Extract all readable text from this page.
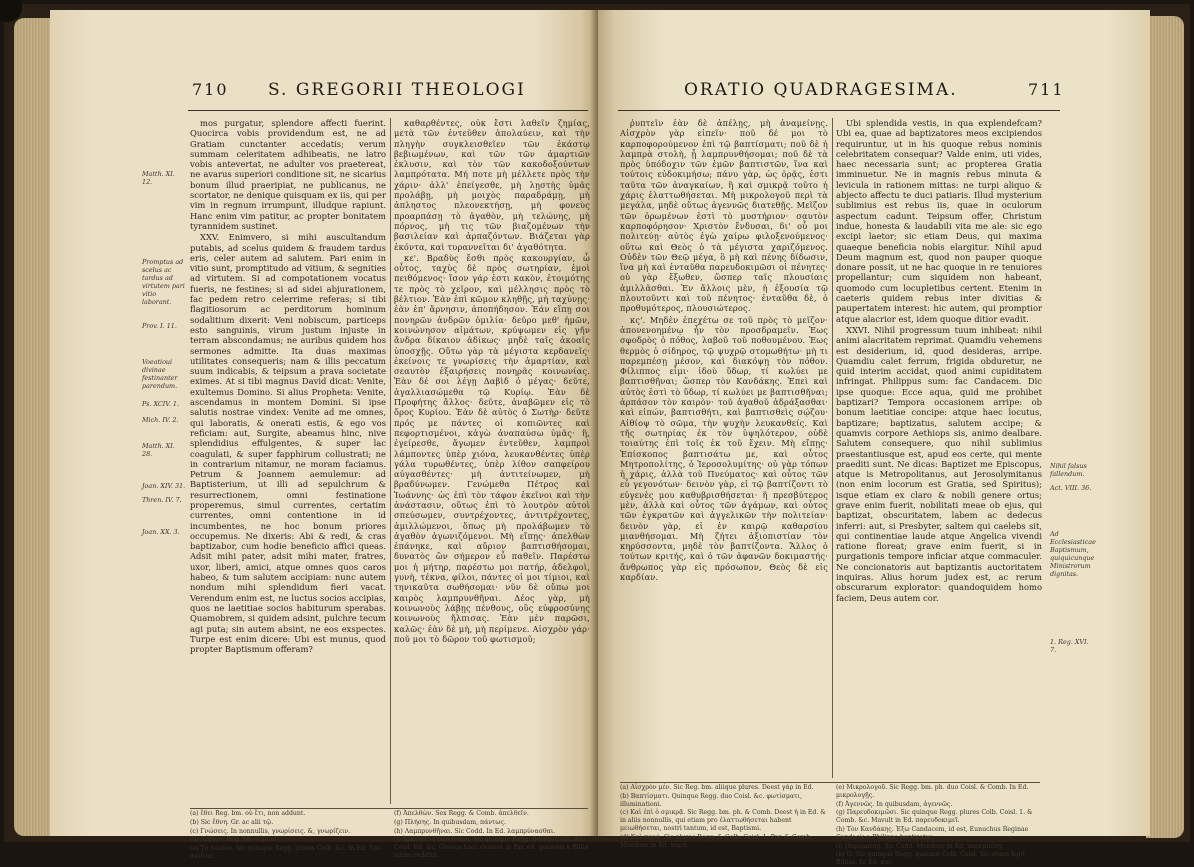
710 S. GREGORII THEOLOGI

mos purgatur, splendore affecti fuerint. Quocirca vobis providendum est, ne ad Gratiam cunctanter accedatis; verum summam celeritatem adhibeatis, ne latro vobis antevertat, ne adulter vos praetereat, ne avarus superiori conditione sit, ne sicarius bonum illud praeripiat, ne publicanus, ne scortator, ne denique quisquam ex iis, qui per vim in regnum irrumpunt, illudque rapiunt. Hanc enim vim patitur, ac propter bonitatem tyrannidem sustinet.

XXV. Enimvero, si mihi auscultandum putabis, ad scelus quidem & fraudem tardus eris, celer autem ad salutem. Pari enim in vitio sunt, promptitudo ad vitium, & segnities ad virtutem. Si ad compotationem vocatus fueris, ne festines; si ad sidei abjurationem, fac pedem retro celerrime referas; si tibi flagitiosorum ac perditorum hominum sodalitium dixerit: Veni nobiscum, particeps esto sanguinis, virum justum injuste in terram abscondamus; ne auribus quidem hos sermones admitte. Ita duas maximas utilitates consequeris; nam & illis peccatum suum indicabis, & teipsum a prava societate eximes. At si tibi magnus David dicat: Venite, exultemus Domino. Si alius Propheta: Venite, ascendamus in montem Domini. Si ipse salutis nostrae vindex: Venite ad me omnes, qui laboratis, & onerati estis, & ego vos reficiam: aut, Surgite, abeamus hinc, nive splendidius effulgentes, & super lac coagulati, & super fapphirum collustrati; ne in contrarium nitamur, ne moram faciamus. Petrum & Joannem aemulemur: ad Baptisterium, ut illi ad sepulchrum & resurrectionem, omni festinatione properemus, simul currentes, certatim currentes, omni contentione in id incumbentes, ne hoc bonum priores occupemus. Ne dixeris: Abi & redi, & cras baptizabor, cum hodie beneficio affici queas. Adsit mihi pater, adsit mihi mater, fratres, uxor, liberi, amici, atque omnes quos caros habeo, & tum salutem accipiam: nunc autem nondum mihi splendidum fieri vacat. Verendum enim est, ne luctus socios accipias, quos ne laetitiae socios habiturum sperabas. Quamobrem, si quidem adsint, pulchre tecum agi puta; sin autem absint, ne eos exspectes. Turpe est enim dicere: Ubi est munus, quod propter Baptismum offeram?

καθαρθέντες, οὐκ ἔστι λαθεῖν ζημίας, μετὰ τῶν ἐντεῦθεν ἀπολαύειν, καὶ τὴν πληγὴν συγκλεισθεῖεν τῶν ἑκάστῳ βεβιωμένων, καὶ τῶν τῶν ἁμαρτιῶν ἐκλυσιν, καὶ τὸν τῶν κακοδοξούντων λαμπρότατα. Μή ποτε μὴ μέλλετε πρὸς τὴν χάριν· ἀλλ' ἐπείγεσθε, μὴ λῃστὴς ὑμᾶς προλάβῃ, μὴ μοιχὸς παραδράμῃ, μὴ ἀπληστος πλεονεκτήσῃ, μὴ φονεὺς προαρπάσῃ τὸ ἀγαθὸν, μὴ τελώνης, μὴ πόρνος, μὴ τις τῶν βιαζομένων τὴν βασιλείαν καὶ ἁρπαζόντων. Βιάζεται γὰρ ἐκόντα, καὶ τυραννεῖται δι' ἀγαθότητα.

κε'. Βραδὺς ἔσθι πρὸς κακουργίαν, ὦ οὗτος, ταχὺς δὲ πρὸς σωτηρίαν, ἐμοὶ πειθόμενος· ἴσον γάρ ἐστι κακὸν, ἑτοιμότης τε πρὸς τὸ χεῖρον, καὶ μέλλησις πρὸς τὸ βέλτιον. Ἐὰν ἐπὶ κῶμον κληθῇς, μὴ ταχύνῃς· ἐὰν ἐπ' ἄρνησιν, ἀποπήδησον. Ἐάν εἴπῃ σοι πονηρῶν ἀνδρῶν ὁμιλία· δεῦρο μεθ' ἡμῶν, κοινώνησον αἱμάτων, κρύψωμεν εἰς γῆν ἄνδρα δίκαιον ἀδίκως· μηδὲ ταῖς ἀκοαῖς ὑποσχῇς. Οὕτω γὰρ τὰ μέγιστα κερδανεῖς· ἐκείνοις τε γνωρίσεις τὴν ἁμαρτίαν, καὶ σεαυτὸν ἐξαιρήσεις πονηρᾶς κοινωνίας. Ἐὰν δέ σοι λέγῃ Δαβὶδ ὁ μέγας· δεῦτε, ἀγαλλιασώμεθα τῷ Κυρίῳ. Ἐὰν δὲ Προφήτης ἄλλος· δεῦτε, ἀναβῶμεν εἰς τὸ ὄρος Κυρίου. Ἐὰν δὲ αὐτὸς ὁ Σωτὴρ· δεῦτε πρός με πάντες οἱ κοπιῶντες καὶ πεφορτισμένοι, κἀγὼ ἀναπαύσω ὑμᾶς· ἢ, ἐγείρεσθε, ἄγωμεν ἐντεῦθεν, λαμπροὶ λάμποντες ὑπὲρ χιόνα, λευκανθέντες ὑπὲρ γάλα τυρωθέντες, ὑπὲρ λίθον σαπφείρου αὐγασθέντες· μὴ ἀντιτείνωμεν, μὴ βραδύνωμεν. Γενώμεθα Πέτρος καὶ Ἰωάννης· ὡς ἐπὶ τὸν τάφον ἐκεῖνοι καὶ τὴν ἀνάστασιν, οὕτως ἐπὶ τὸ λουτρὸν αὐτοὶ σπεύσωμεν, συντρέχοντες, ἀντιτρέχοντες, ἁμιλλώμενοι, ὅπως μὴ προλάβωμεν τὸ ἀγαθὸν ἀγωνιζόμενοι. Μὴ εἴπῃς· ἀπελθὼν ἐπάνηκε, καὶ αὔριον βαπτισθήσομαι, δυνατὸς ὢν σήμερον εὖ παθεῖν. Παρέστω μοι ἡ μήτηρ, παρέστω μοι πατήρ, ἀδελφοὶ, γυνὴ, τέκνα, φίλοι, πάντες οἱ μοι τίμιοι, καὶ τηνικαῦτα σωθήσομαι· νῦν δὲ οὔπω μοι καιρὸς λαμπρυνθῆναι. Δέος γὰρ, μὴ κοινωνοὺς λάβῃς πένθους, οὓς εὐφροσύνης κοινωνοὺς ἤλπισας. Ἐὰν μὲν παρῶσι, καλῶς· ἐὰν δὲ μὴ, μὴ περίμενε. Αἰσχρὸν γάρ· ποῦ μοι τὸ δῶρον τοῦ φωτισμοῦ;

Matth. XI. 12.
Promptus ad scelus ac tardus ad virtutem pari vitio laborant.
Prov. I. 11.
Voeatioui divinae festinanter parendum.
Ps. XCIV. 1.
Mich. IV. 2.
Matth. XI. 28.
Joan. XIV. 31.
Thren. IV. 7.
Joan. XX. 3.

(a) ἔθει Reg. bm. οὐ ἔτι, non addunt.

(b) Sic ἔθνη. Gr. ac alii τῷ.

(c) Γνώσεις. In nonnullis, γνωρίσεις. &, γνωρίζειν.

(d) Αὔριον. Reg. bh. αὔριον.

(e) Τὸ λοιπόν. Sic quinque Regg. plures Colb. &c. In Ed. Τὸν ἀνιέναι.

(f) Ἀπελθὼν. Sex Regg. & Comb. ἀπελθεῖν.

(g) Πλήσης. In quibusdam, πάντως.

(h) Λαμπρυνθῆναι. Sic Codd. In Ed. λαμπρύνασθαι.

(i) Ἀρκεσθεὶς τῶν δεῦρο. Sic quinque Regg. decem Colb. duo Coisl. Ed. &c. Graeca haec desiunt in Par. ed. quamvis e Billio latine reddita.

ORATIO QUADRAGESIMA.	711

ῥυπτεῖν ἐὰν δὲ ἀπέλῃς, μὴ ἀναμείνῃς. Αἰσχρὸν γὰρ εἰπεῖν· ποῦ δέ μοι τὸ καρποφορούμενον ἐπὶ τῷ βαπτίσματι; ποῦ δὲ ἡ λαμπρὰ στολὴ, ᾗ λαμπρυνθήσομαι; ποῦ δὲ τὰ πρὸς ὑπόδοχιν τῶν ἐμῶν βαπτιστῶν, ἵνα καὶ τούτοις εὐδοκιμήσω; πάνυ γὰρ, ὡς ὁρᾷς, ἐστι ταῦτα τῶν ἀναγκαίων, ἢ καὶ σμικρᾷ τοῦτο ἡ χάρις ἐλαττωθήσεται. Μὴ μικρολογοῦ περὶ τὰ μεγάλα, μηδὲ οὕτως ἀγεννῶς διατεθῇς. Μεῖζον τῶν ὁρωμένων ἐστὶ τὸ μυστήριον· σαυτὸν καρποφόρησον· Χριστὸν ἔνδυσαι, δι' οὗ μοι πολιτεύῃ· αὐτὸς ἐγὼ χαίρω φιλοξενούμενος· οὕτω καὶ Θεὸς ὁ τὰ μέγιστα χαριζόμενος. Οὐδὲν τῶν Θεῷ μέγα, ὃ μὴ καὶ πένης δίδωσιν, ἵνα μὴ καὶ ἐνταῦθα παρευδοκιμῶσι οἱ πένητες· οὐ γὰρ ἔξωθεν, ὥσπερ ταῖς πλουσίαις ἀμιλλᾶσθαι. Ἐν ἄλλοις μὲν, ἡ ἐξουσία τῷ πλουτοῦντι καὶ τοῦ πένητος· ἐνταῦθα δὲ, ὁ προθυμότερος, πλουσιώτερος.

κς'. Μηδὲν ἐπεχέτω σε τοῦ πρὸς τὸ μεῖζον· ἀπονενοημένῳ ἦν τὸν προσδραμεῖν. Ἐως σφοδρὸς ὁ πόθος, λαβοῦ τοῦ ποθουμένου. Ἐως θερμὸς ὁ σίδηρος, τῷ ψυχρῷ στομωθήτω· μὴ τι παρεμπέσῃ μέσον, καὶ διακόψῃ τὸν πόθον. Φίλιππος εἶμι· ἰδοὺ ὕδωρ, τί κωλύει με βαπτισθῆναι; ὥσπερ τὸν Κανδάκης. Ἐπεὶ καὶ αὐτὸς ἐστὶ τὸ ὕδωρ, τί κωλύει με βαπτισθῆναι; ἀρπάσον τὸν καιρὸν· τοῦ ἀγαθοῦ ἀδράξασθαι· καὶ εἰπών, βαπτισθήτι, καὶ βαπτισθεὶς σῴζου· Αἰθίοψ τὸ σῶμα, τὴν ψυχὴν λευκανθείς. Καὶ τῆς σωτηρίας ἐκ τὸν ὑψηλότερον, οὐδὲ τοιαύτης ἐπὶ τοῖς ἐκ τοῦ ἔχειν. Μὴ εἴπῃς· Ἐπίσκοπος βαπτισάτω με, καὶ οὗτος Μητροπολίτης, ὁ Ἱεροσολυμίτης· οὐ γὰρ τόπων ἡ χάρις, ἀλλὰ τοῦ Πνεύματος· καὶ οὗτος τῶν εὖ γεγονότων· δεινὸν γὰρ, εἰ τῷ βαπτίζοντι τὸ εὐγενὲς μου καθυβρισθήσεται· ἢ πρεσβύτερος μὲν, ἀλλὰ καὶ οὗτος τῶν ἀγάμων, καὶ οὗτος τῶν ἐγκρατῶν καὶ ἀγγελικῶν τὴν πολιτείαν· δεινὸν γὰρ, εἰ ἐν καιρῷ καθαρσίου μιανθήσομαι. Μὴ ζήτει ἀξιοπιστίαν τὸν κηρύσσοντα, μηδὲ τὸν βαπτίζοντα. Ἄλλος ὁ τούτων κριτής, καὶ ὁ τῶν ἀφανῶν δοκιμαστής· ἄνθρωπος γὰρ εἰς πρόσωπον, Θεὸς δὲ εἰς καρδίαν.

Ubi splendida vestis, in qua explendefcam? Ubi ea, quae ad baptizatores meos excipiendos requiruntur, ut in his quoque rebus nominis celebritatem consequar? Valde enim, uti vides, haec necessaria sunt; ac propterea Gratia imminuetur. Ne in magnis rebus minuta & levicula in rationem mittas: ne turpi aliquo & abjecto affectu te duci patiaris. Illud mysterium sublimius est rebus iis, quae in oculorum aspectum cadunt. Teipsum offer, Christum indue, honesta & laudabili vita me ale: sic ego excipi laetor; sic etiam Deus, qui maxima quaeque beneficia nobis elargitur. Nihil apud Deum magnum est, quod non pauper quoque donare possit, ut ne hac quoque in re tenuiores propellantur; cum siquidem non habeant, quomodo cum locupletibus certent. Etenim in caeteris quidem rebus inter divitias & paupertatem interest: hic autem, qui promptior atque alacrior est, idem quoque ditior evadit.

XXVI. Nihil progressum tuum inhibeat: nihil animi alacritatem reprimat. Quamdiu vehemens est desiderium, id, quod desideras, arripe. Quamdiu calet ferrum, frigida obduretur, ne quid interim accidat, quod animi cupiditatem infringat. Philippus sum: fac Candacem. Dic ipse quoque: Ecce aqua, quid me prohibet baptizari? Tempora occasionem arripe: ob bonum laetitiae concipe: atque haec locutus, baptizare; baptizatus, salutem accipe; & quamvis corpore Aethiops sis, animo dealbare. Salutem consequere, quo nihil sublimius praestantiusque est, apud eos certe, qui mente praediti sunt. Ne dicas: Baptizet me Episcopus, atque is Metropolitanus, aut Jerosolymitanus (non enim locorum est Gratia, sed Spiritus); isque etiam ex claro & nobili genere ortus; grave enim fuerit, nobilitati meae ob ejus, qui baptizat, obscuritatem, labem ac dedecus inferri: aut, si Presbyter, saltem qui caelebs sit, qui continentiae laude atque Angelica vivendi ratione floreat; grave enim fuerit, si in purgationis tempore inficiar atque commaculer. Ne concionatoris aut baptizantis auctoritatem inquiras. Alius horum judex est, ac rerum obscurarum explorator: quandoquidem homo faciem, Deus autem cor.

Nihil falsus fallendum.
Act. VIII. 36.
Ad Ecclesiasticae Baptismum, quiquicunque Ministrorum dignitas.
1. Reg. XVI. 7.

(a) Αἰσχρὸν μέν. Sic Reg. bm. aliique plures. Deest γὰρ in Ed.

(b) Βαπτίσματι. Quinque Regg. duo Coisl. &c. φωτίσματι, illuminationi.

(c) Καὶ ἐπὶ ὁ σμικρᾷ. Sic Regg. bm. ph. & Comb. Deest ἡ in Ed. & in aliis nonnullis, qui etiam pro ἐλαττωθήσεται habent μειωθήσεται, nostri tantum, id est, Baptismi.

(d) Καὶ παρά. Sic plures Regg. & Colb. Coisl. 1. Par. & Comb. Mendose in Ed. παρά.

(e) Μικρολογοῦ. Sic Regg. bm. ph. duo Coisl. & Comb. In Ed. μικρολογῇς.

(f) Ἀγεννῶς. In quibusdam, ἀγεννῶς.

(g) Παρευδοκιμῶσι. Sic quinque Regg. plures Colb. Coisl. 1. & Comb. &c. Mavult in Ed. παρευδοκιμεῖ.

(h) Τὸν Κανδάκης. Ἐξω Candacem, id est, Eunuchus Reginae Candacis a Philippo baptizatus.

(i) Παρεμπέσῃ. Sic Codd. Mendose in Ed. παρεμπέσῃ.

(k) Ὁ. Sic quinque Regg. quatuor Colb. Coisl. Sic etiam legit Billius. In Ed. καί.
